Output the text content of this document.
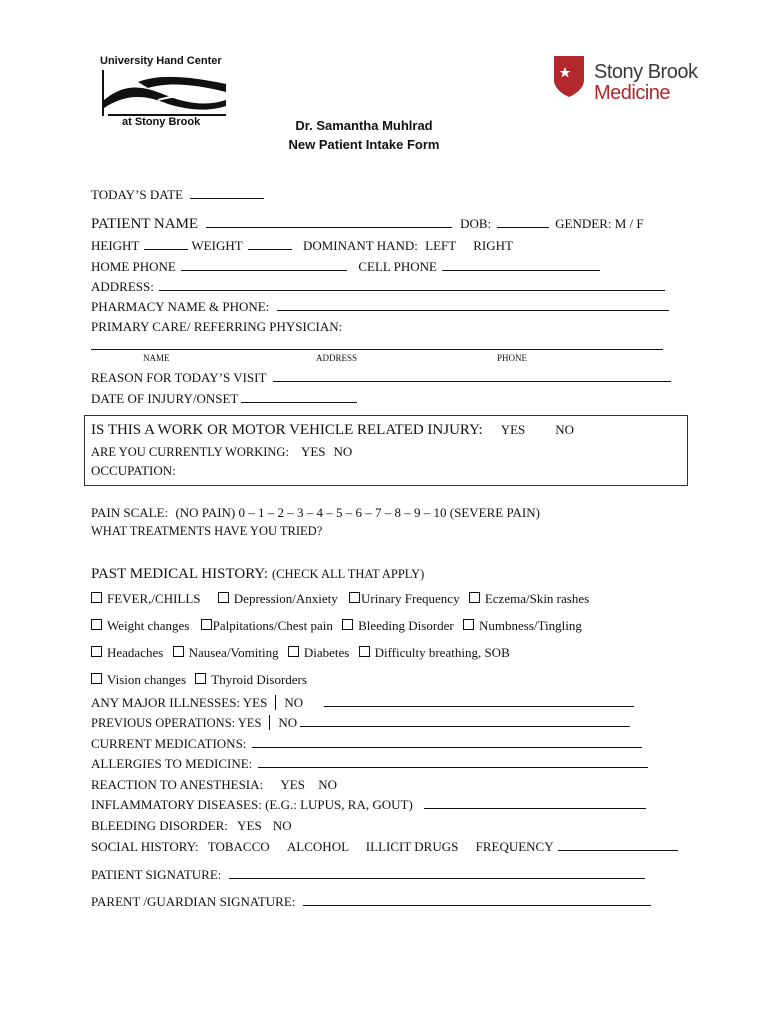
University Hand Center
at Stony Brook
Stony Brook
Medicine
Dr. Samantha Muhlrad
New Patient Intake Form
TODAY’S DATE
PATIENT NAME	DOB:	GENDER: M / F
HEIGHT	WEIGHT	DOMINANT HAND: LEFT RIGHT
HOME PHONE	CELL PHONE
ADDRESS:
PHARMACY NAME & PHONE:
PRIMARY CARE/ REFERRING PHYSICIAN:
NAME	ADDRESS	PHONE
REASON FOR TODAY’S VISIT
DATE OF INJURY/ONSET
IS THIS A WORK OR MOTOR VEHICLE RELATED INJURY: YES NO
ARE YOU CURRENTLY WORKING: YES NO
OCCUPATION:
PAIN SCALE: (NO PAIN) 0 – 1 – 2 – 3 – 4 – 5 – 6 – 7 – 8 – 9 – 10 (SEVERE PAIN)
WHAT TREATMENTS HAVE YOU TRIED?
PAST MEDICAL HISTORY: (CHECK ALL THAT APPLY)
FEVER,/CHILLS	Depression/Anxiety Urinary Frequency Eczema/Skin rashes
Weight changes Palpitations/Chest pain Bleeding Disorder Numbness/Tingling
Headaches Nausea/Vomiting Diabetes Difficulty breathing, SOB
Vision changes Thyroid Disorders
ANY MAJOR ILLNESSES: YES NO
PREVIOUS OPERATIONS: YES NO
CURRENT MEDICATIONS:
ALLERGIES TO MEDICINE:
REACTION TO ANESTHESIA: YES NO
INFLAMMATORY DISEASES: (E.G.: LUPUS, RA, GOUT)
BLEEDING DISORDER: YES NO
SOCIAL HISTORY: TOBACCO ALCOHOL ILLICIT DRUGS FREQUENCY
PATIENT SIGNATURE:
PARENT /GUARDIAN SIGNATURE:
